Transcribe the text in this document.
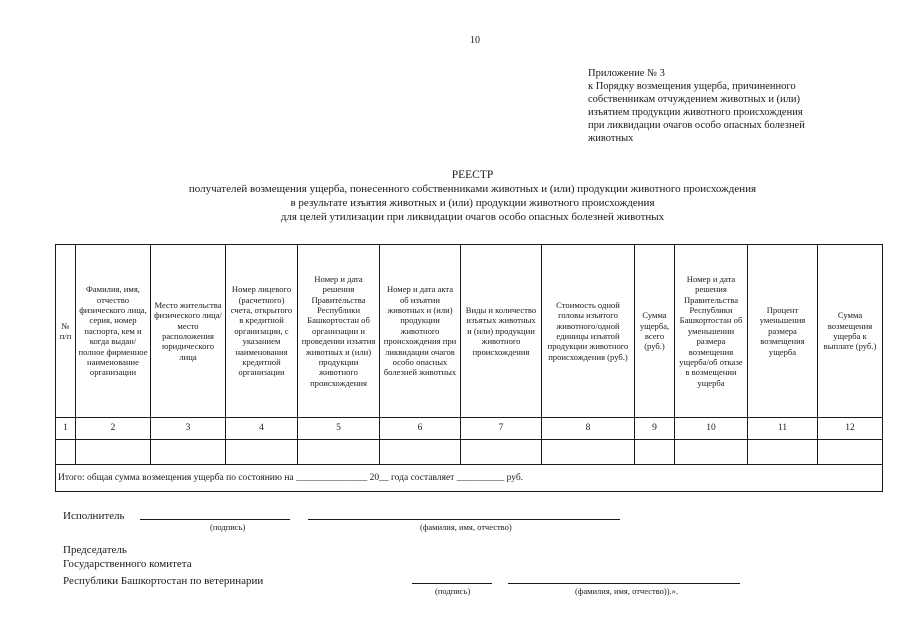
10
Приложение № 3
к Порядку возмещения ущерба, причиненного
собственникам отчуждением животных и (или)
изъятием продукции животного происхождения
при ликвидации очагов особо опасных болезней
животных
РЕЕСТР
получателей возмещения ущерба, понесенного собственниками животных и (или) продукции животного происхождения
в результате изъятия животных и (или) продукции животного происхождения
для целей утилизации при ликвидации очагов особо опасных болезней животных
№ п/п	Фамилия, имя, отчество физического лица, серия, номер паспорта, кем и когда выдан/полное фирменное наименование организации	Место жительства физического лица/место расположения юридического лица	Номер лицевого (расчетного) счета, открытого в кредитной организации, с указанием наименования кредитной организации	Номер и дата решения Правительства Республики Башкортостан об организации и проведении изъятия животных и (или) продукции животного происхождения	Номер и дата акта об изъятии животных и (или) продукции животного происхождения при ликвидации очагов особо опасных болезней животных	Виды и количество изъятых животных и (или) продукции животного происхождения	Стоимость одной головы изъятого животного/одной единицы изъятой продукции животного происхождения (руб.)	Сумма ущерба, всего (руб.)	Номер и дата решения Правительства Республики Башкортостан об уменьшении размера возмещения ущерба/об отказе в возмещении ущерба	Процент уменьшения размера возмещения ущерба	Сумма возмещения ущерба к выплате (руб.)
1	2	3	4	5	6	7	8	9	10	11	12

Итого: общая сумма возмещения ущерба по состоянию на _______________ 20__ года составляет __________ руб.											
Исполнитель
(подпись)	(фамилия, имя, отчество)
Председатель
Государственного комитета
Республики Башкортостан по ветеринарии
(подпись)	(фамилия, имя, отчество)).».
